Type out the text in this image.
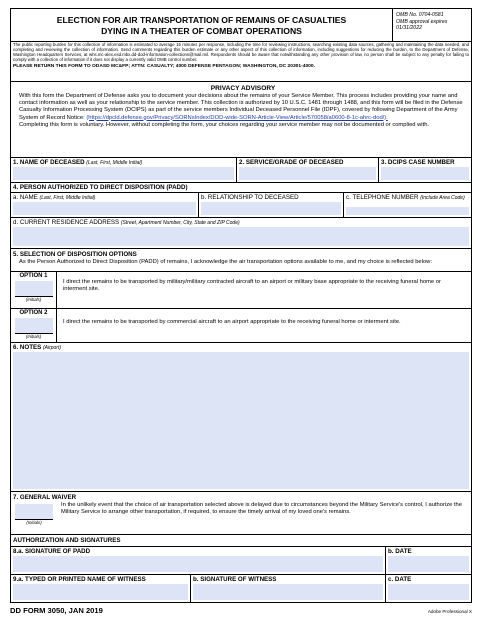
ELECTION FOR AIR TRANSPORTATION OF REMAINS OF CASUALTIES
DYING IN A THEATER OF COMBAT OPERATIONS
OMB No. 0704-0581
OMB approval expires
01/31/2022
The public reporting burden for this collection of information is estimated to average 15 minutes per response, including the time for reviewing instructions, searching existing data sources, gathering and maintaining the data needed, and completing and reviewing the collection of information. Send comments regarding this burden estimate or any other aspect of this collection of information, including suggestions for reducing the burden, to the Department of Defense, Washington Headquarters Services, at whs.mc-alex.esd.mbx.dd-dod-information-collections@mail.mil. Respondents should be aware that notwithstanding any other provision of law, no person shall be subject to any penalty for failing to comply with a collection of information if it does not display a currently valid OMB control number.
PLEASE RETURN THIS FORM TO ODASD MC&FP; ATTN: CASUALTY; 4000 DEFENSE PENTAGON; WASHINGTON, DC 20301-4000.
PRIVACY ADVISORY
With this form the Department of Defense asks you to document your decisions about the remains of your Service Member. This process includes providing your name and contact information as well as your relationship to the service member. This collection is authorized by 10 U.S.C. 1481 through 1488, and this form will be filed in the Defense Casualty Information Processing System (DCIPS) as part of the service members Individual Deceased Personnel File (IDPF), covered by following Department of the Army System of Record Notice: (https://dpcld.defense.gov/Privacy/SORNsIndex/DOD-wide-SORN-Article-View/Article/570058/a0600-8-1c-ahrc-dod/).
Completing this form is voluntary. However, without completing the form, your choices regarding your service member may not be documented or complied with.
1. NAME OF DECEASED (Last, First, Middle Initial)	2. SERVICE/GRADE OF DECEASED	3. DCIPS CASE NUMBER
4. PERSON AUTHORIZED TO DIRECT DISPOSITION (PADD)
a. NAME (Last, First, Middle Initial)	b. RELATIONSHIP TO DECEASED	c. TELEPHONE NUMBER (Include Area Code)
d. CURRENT RESIDENCE ADDRESS (Street, Apartment Number, City, State and ZIP Code)
5. SELECTION OF DISPOSITION OPTIONS
As the Person Authorized to Direct Disposition (PADD) of remains, I acknowledge the air transportation options available to me, and my choice is reflected below:
OPTION 1
(Initials)
I direct the remains to be transported by military/military contracted aircraft to an airport or military base appropriate to the receiving funeral home or interment site.
OPTION 2
(Initials)
I direct the remains to be transported by commercial aircraft to an airport appropriate to the receiving funeral home or interment site.
6. NOTES (Airport)
7. GENERAL WAIVER
(Initials)
In the unlikely event that the choice of air transportation selected above is delayed due to circumstances beyond the Military Service's control, I authorize the Military Service to arrange other transportation, if required, to ensure the timely arrival of my loved one's remains.
AUTHORIZATION AND SIGNATURES
8.a. SIGNATURE OF PADD	b. DATE
9.a. TYPED OR PRINTED NAME OF WITNESS	b. SIGNATURE OF WITNESS	c. DATE
DD FORM 3050, JAN 2019	Adobe Professional X
